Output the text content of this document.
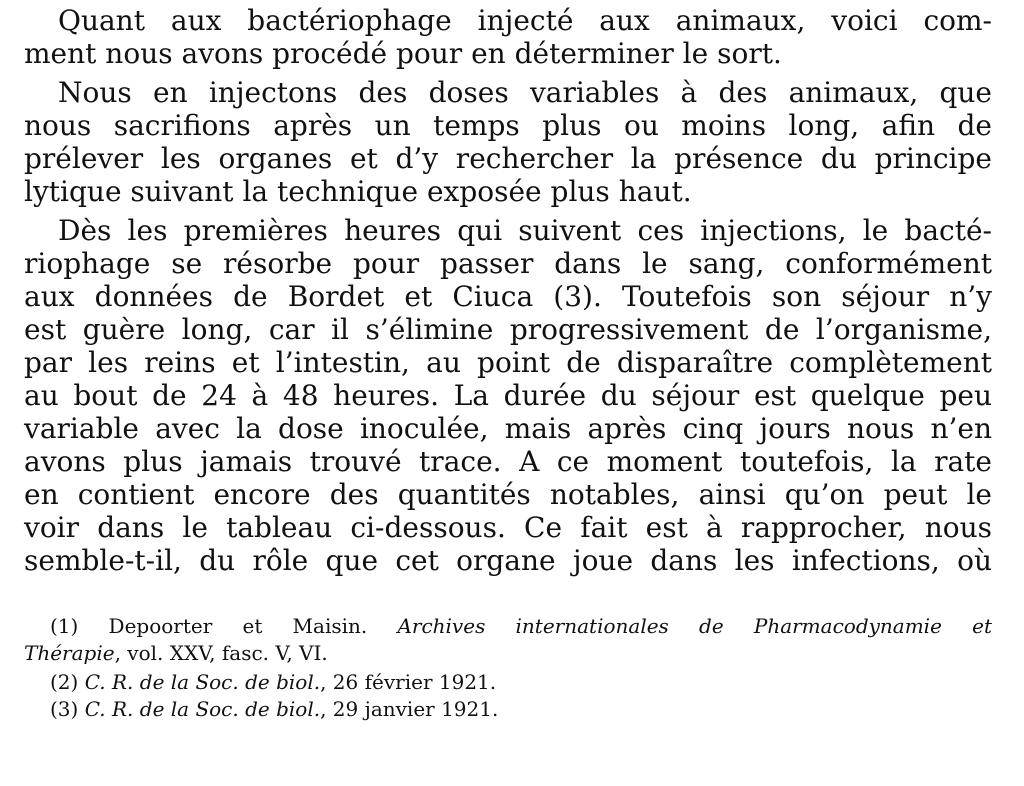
Quant aux bactériophage injecté aux animaux, voici com-
ment nous avons procédé pour en déterminer le sort.
Nous en injectons des doses variables à des animaux, que
nous sacrifions après un temps plus ou moins long, afin de
prélever les organes et d’y rechercher la présence du principe
lytique suivant la technique exposée plus haut.
Dès les premières heures qui suivent ces injections, le bacté-
riophage se résorbe pour passer dans le sang, conformément
aux données de Bordet et Ciuca (3). Toutefois son séjour n’y
est guère long, car il s’élimine progressivement de l’organisme,
par les reins et l’intestin, au point de disparaître complètement
au bout de 24 à 48 heures. La durée du séjour est quelque peu
variable avec la dose inoculée, mais après cinq jours nous n’en
avons plus jamais trouvé trace. A ce moment toutefois, la rate
en contient encore des quantités notables, ainsi qu’on peut le
voir dans le tableau ci-dessous. Ce fait est à rapprocher, nous
semble-t-il, du rôle que cet organe joue dans les infections, où
(1) Depoorter et Maisin. Archives internationales de Pharmacodynamie et
Thérapie, vol. XXV, fasc. V, VI.
(2) C. R. de la Soc. de biol., 26 février 1921.
(3) C. R. de la Soc. de biol., 29 janvier 1921.
